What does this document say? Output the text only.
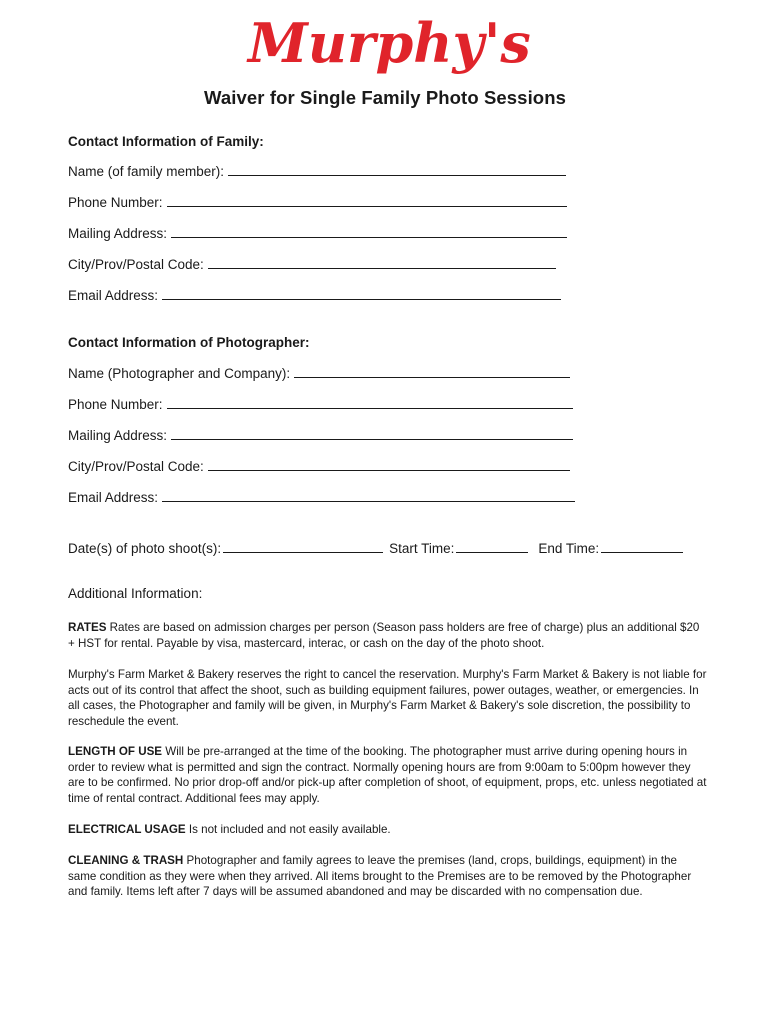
Murphy's
Waiver for Single Family Photo Sessions
Contact Information of Family:
Name (of family member):
Phone Number:
Mailing Address:
City/Prov/Postal Code:
Email Address:
Contact Information of Photographer:
Name (Photographer and Company):
Phone Number:
Mailing Address:
City/Prov/Postal Code:
Email Address:
Date(s) of photo shoot(s):	Start Time:	End Time:
Additional Information:
RATES Rates are based on admission charges per person (Season pass holders are free of charge) plus an additional $20 + HST for rental. Payable by visa, mastercard, interac, or cash on the day of the photo shoot.
Murphy's Farm Market & Bakery reserves the right to cancel the reservation. Murphy's Farm Market & Bakery is not liable for acts out of its control that affect the shoot, such as building equipment failures, power outages, weather, or emergencies. In all cases, the Photographer and family will be given, in Murphy's Farm Market & Bakery's sole discretion, the possibility to reschedule the event.
LENGTH OF USE Will be pre-arranged at the time of the booking. The photographer must arrive during opening hours in order to review what is permitted and sign the contract. Normally opening hours are from 9:00am to 5:00pm however they are to be confirmed. No prior drop-off and/or pick-up after completion of shoot, of equipment, props, etc. unless negotiated at time of rental contract. Additional fees may apply.
ELECTRICAL USAGE Is not included and not easily available.
CLEANING & TRASH Photographer and family agrees to leave the premises (land, crops, buildings, equipment) in the same condition as they were when they arrived. All items brought to the Premises are to be removed by the Photographer and family. Items left after 7 days will be assumed abandoned and may be discarded with no compensation due.
